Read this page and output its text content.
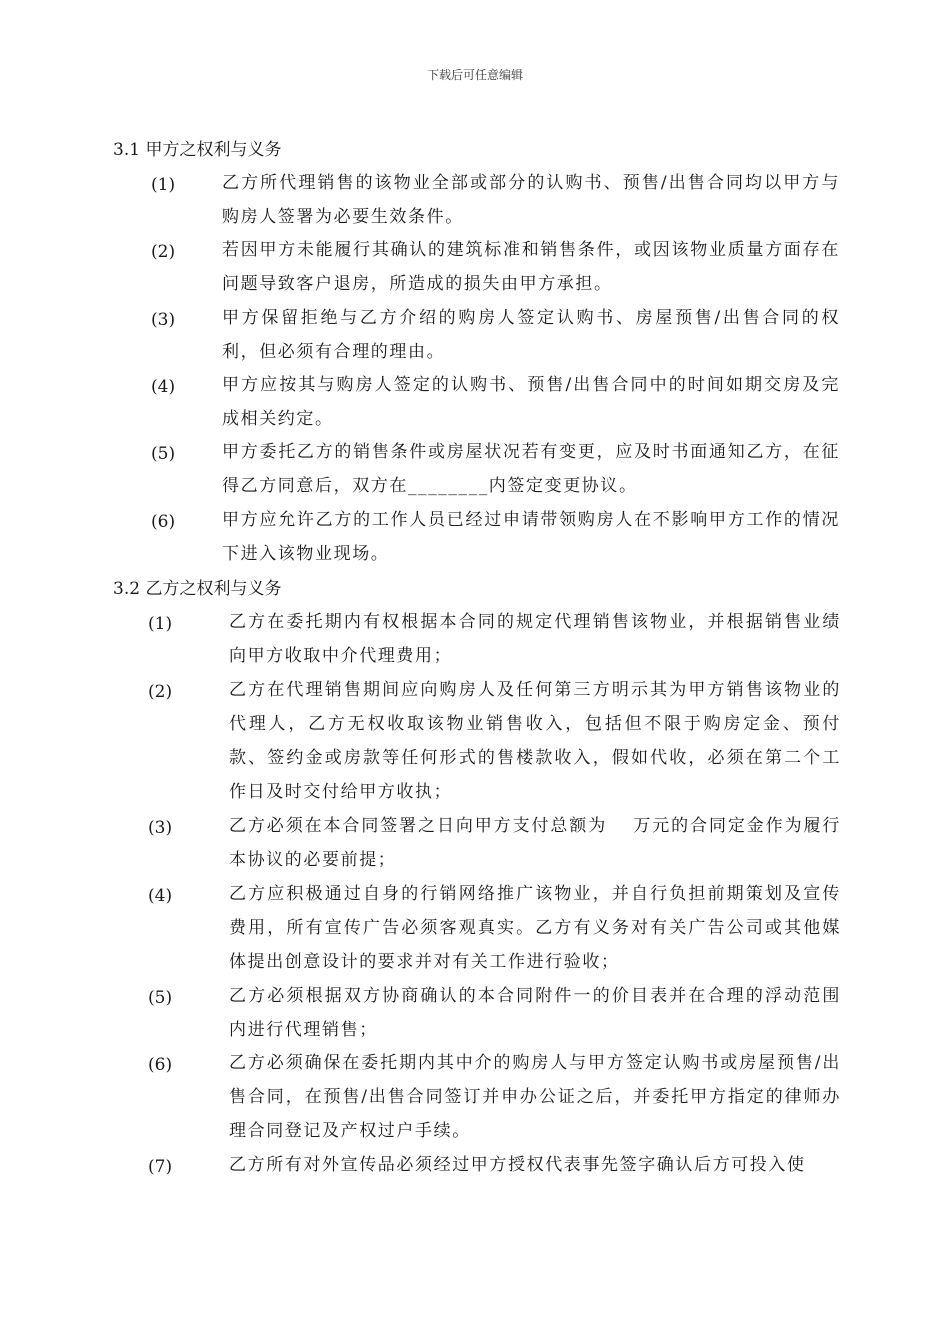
下载后可任意编辑
3.1 甲方之权利与义务
(1)	乙方所代理销售的该物业全部或部分的认购书、预售/出售合同均以甲方与购房人签署为必要生效条件。
(2)	若因甲方未能履行其确认的建筑标准和销售条件，或因该物业质量方面存在问题导致客户退房，所造成的损失由甲方承担。
(3)	甲方保留拒绝与乙方介绍的购房人签定认购书、房屋预售/出售合同的权利，但必须有合理的理由。
(4)	甲方应按其与购房人签定的认购书、预售/出售合同中的时间如期交房及完成相关约定。
(5)	甲方委托乙方的销售条件或房屋状况若有变更，应及时书面通知乙方，在征得乙方同意后，双方在________内签定变更协议。
(6)	甲方应允许乙方的工作人员已经过申请带领购房人在不影响甲方工作的情况下进入该物业现场。
3.2 乙方之权利与义务
(1)	乙方在委托期内有权根据本合同的规定代理销售该物业，并根据销售业绩向甲方收取中介代理费用；
(2)	乙方在代理销售期间应向购房人及任何第三方明示其为甲方销售该物业的代理人，乙方无权收取该物业销售收入，包括但不限于购房定金、预付款、签约金或房款等任何形式的售楼款收入，假如代收，必须在第二个工作日及时交付给甲方收执；
(3)	乙方必须在本合同签署之日向甲方支付总额为　 万元的合同定金作为履行本协议的必要前提；
(4)	乙方应积极通过自身的行销网络推广该物业，并自行负担前期策划及宣传费用，所有宣传广告必须客观真实。乙方有义务对有关广告公司或其他媒体提出创意设计的要求并对有关工作进行验收；
(5)	乙方必须根据双方协商确认的本合同附件一的价目表并在合理的浮动范围内进行代理销售；
(6)	乙方必须确保在委托期内其中介的购房人与甲方签定认购书或房屋预售/出售合同，在预售/出售合同签订并申办公证之后，并委托甲方指定的律师办理合同登记及产权过户手续。
(7)	乙方所有对外宣传品必须经过甲方授权代表事先签字确认后方可投入使
